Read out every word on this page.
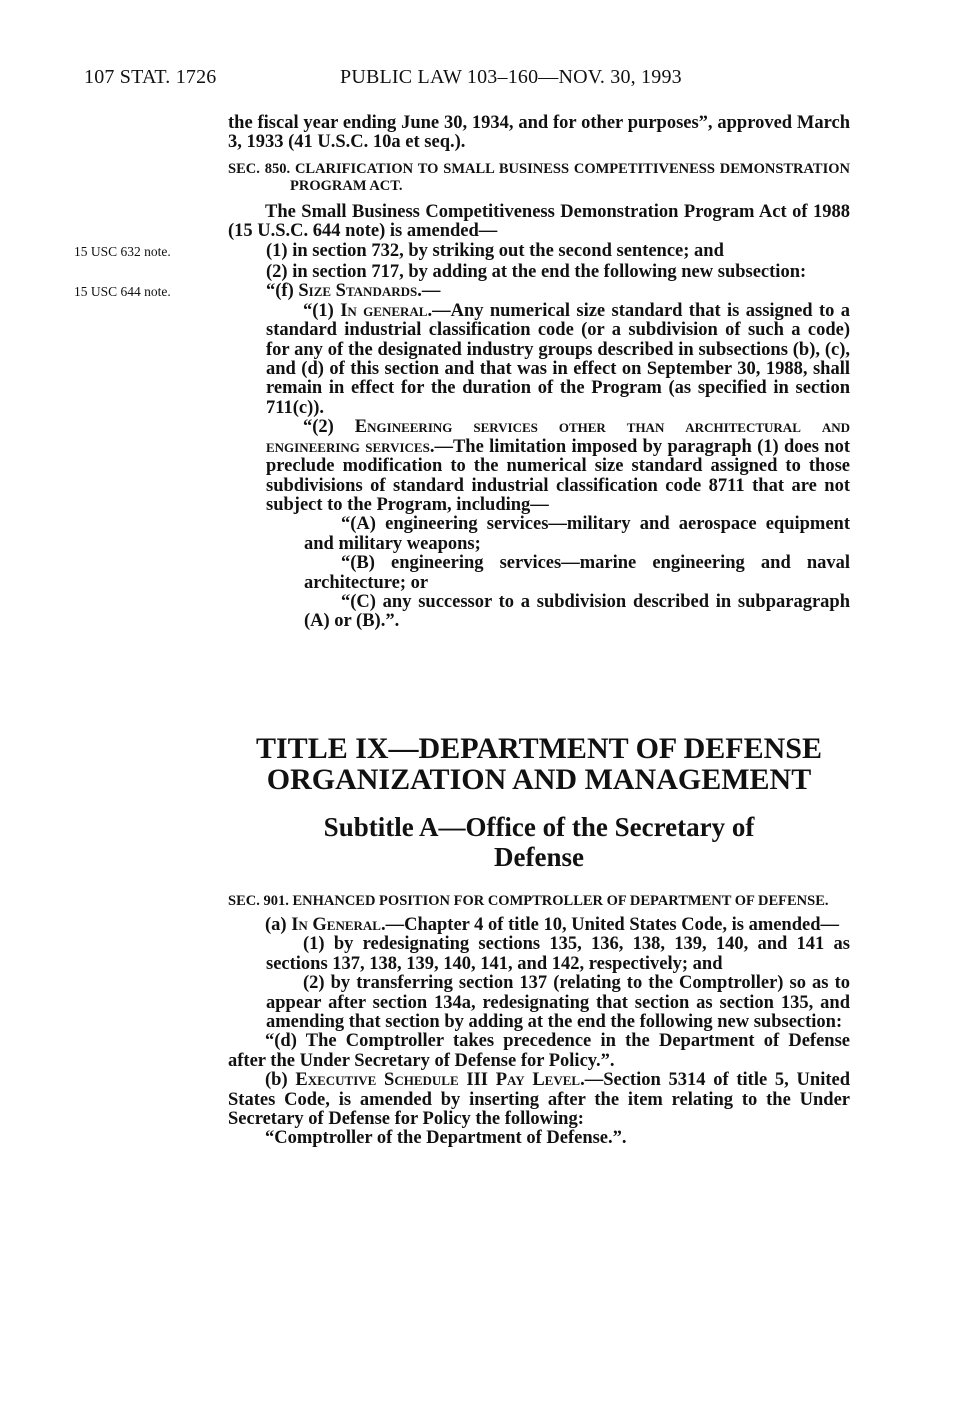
107 STAT. 1726	PUBLIC LAW 103–160—NOV. 30, 1993
15 USC 632 note.
15 USC 644 note.

the fiscal year ending June 30, 1934, and for other purposes”, approved March 3, 1933 (41 U.S.C. 10a et seq.).

SEC. 850. CLARIFICATION TO SMALL BUSINESS COMPETITIVENESS DEMONSTRATION PROGRAM ACT.

The Small Business Competitiveness Demonstration Program Act of 1988 (15 U.S.C. 644 note) is amended—

(1) in section 732, by striking out the second sentence; and

(2) in section 717, by adding at the end the following new subsection:

“(f) Size Standards.—

“(1) In general.—Any numerical size standard that is assigned to a standard industrial classification code (or a subdivision of such a code) for any of the designated industry groups described in subsections (b), (c), and (d) of this section and that was in effect on September 30, 1988, shall remain in effect for the duration of the Program (as specified in section 711(c)).

“(2) Engineering services other than architectural and engineering services.—The limitation imposed by paragraph (1) does not preclude modification to the numerical size standard assigned to those subdivisions of standard industrial classification code 8711 that are not subject to the Program, including—

“(A) engineering services—military and aerospace equipment and military weapons;

“(B) engineering services—marine engineering and naval architecture; or

“(C) any successor to a subdivision described in subparagraph (A) or (B).”.

TITLE IX—DEPARTMENT OF DEFENSE
ORGANIZATION AND MANAGEMENT
Subtitle A—Office of the Secretary of
Defense

SEC. 901. ENHANCED POSITION FOR COMPTROLLER OF DEPARTMENT OF DEFENSE.

(a) In General.—Chapter 4 of title 10, United States Code, is amended—

(1) by redesignating sections 135, 136, 138, 139, 140, and 141 as sections 137, 138, 139, 140, 141, and 142, respectively; and

(2) by transferring section 137 (relating to the Comptroller) so as to appear after section 134a, redesignating that section as section 135, and amending that section by adding at the end the following new subsection:

“(d) The Comptroller takes precedence in the Department of Defense after the Under Secretary of Defense for Policy.”.

(b) Executive Schedule III Pay Level.—Section 5314 of title 5, United States Code, is amended by inserting after the item relating to the Under Secretary of Defense for Policy the following:

“Comptroller of the Department of Defense.”.
